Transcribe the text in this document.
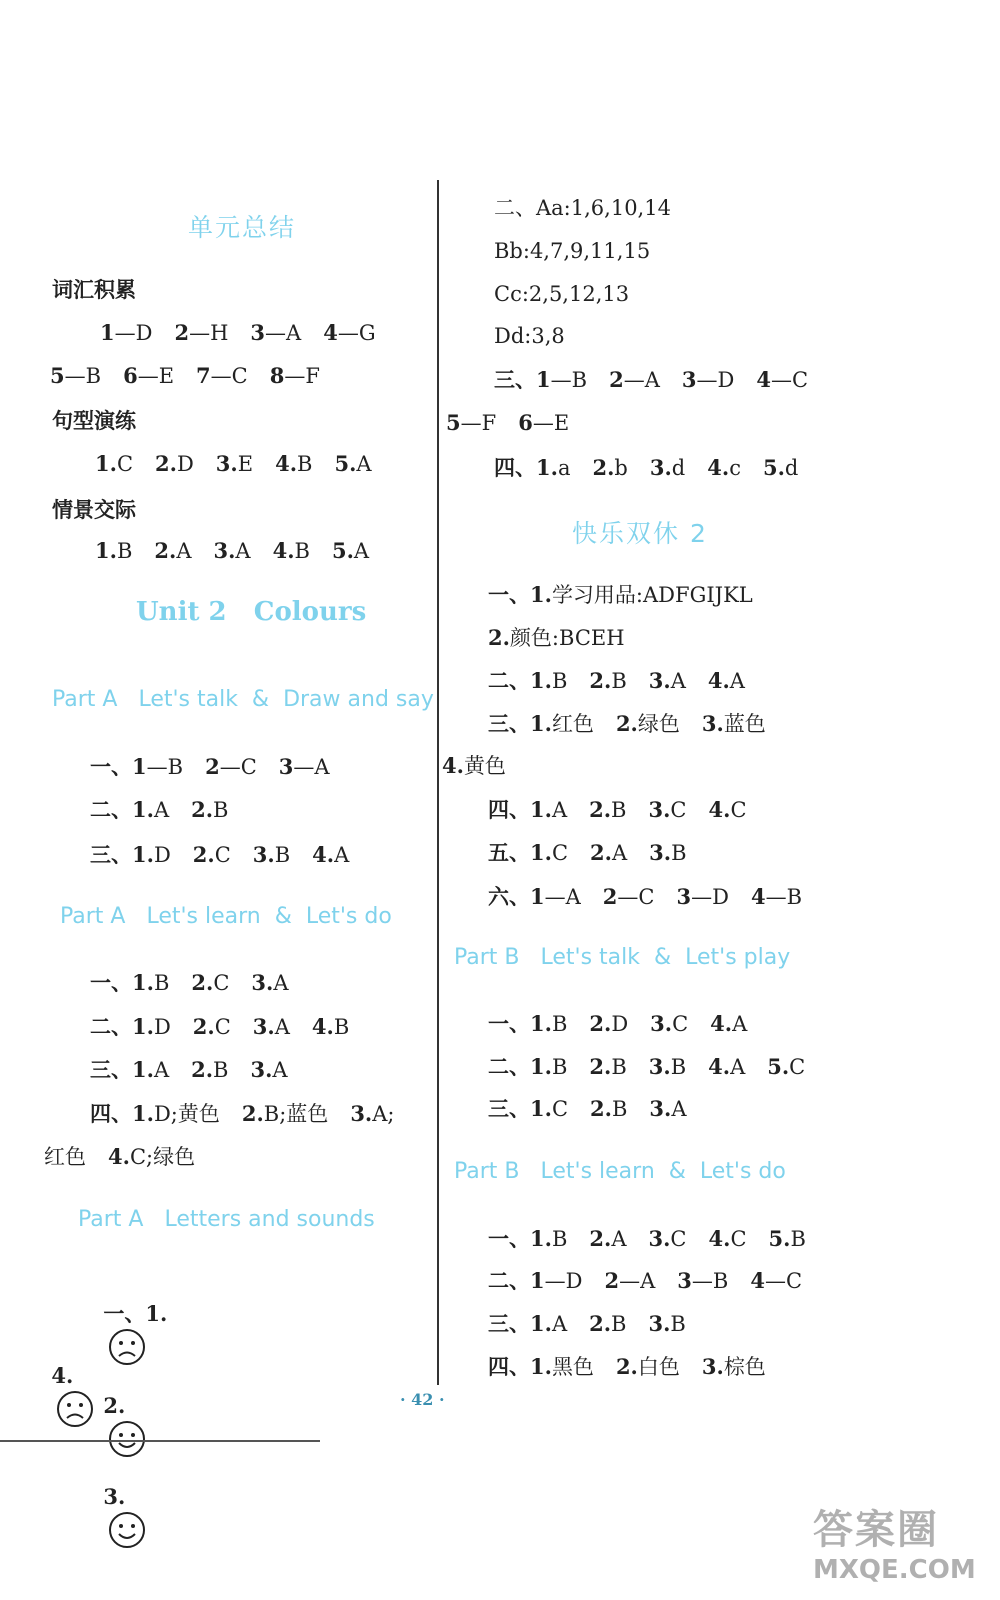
单元总结
词汇积累
1—D 2—H 3—A 4—G
5—B 6—E 7—C 8—F
句型演练
1.C 2.D 3.E 4.B 5.A
情景交际
1.B 2.A 3.A 4.B 5.A
Unit 2   Colours
Part A   Let's talk  &  Draw and say
一、1—B 2—C 3—A
二、1.A 2.B
三、1.D 2.C 3.B 4.A
Part A   Let's learn  &  Let's do
一、1.B 2.C 3.A
二、1.D 2.C 3.A 4.B
三、1.A 2.B 3.A
四、1.D;黄色 2.B;蓝色 3.A;
红色 4.C;绿色
Part A   Letters and sounds

一、1.

2.

3.

4.

二、Aa:1,6,10,14
Bb:4,7,9,11,15
Cc:2,5,12,13
Dd:3,8
三、1—B 2—A 3—D 4—C
5—F 6—E
四、1.a 2.b 3.d 4.c 5.d
快乐双休 2
一、1.学习用品:ADFGIJKL
2.颜色:BCEH
二、1.B 2.B 3.A 4.A
三、1.红色 2.绿色 3.蓝色
4.黄色
四、1.A 2.B 3.C 4.C
五、1.C 2.A 3.B
六、1—A 2—C 3—D 4—B
Part B   Let's talk  &  Let's play
一、1.B 2.D 3.C 4.A
二、1.B 2.B 3.B 4.A 5.C
三、1.C 2.B 3.A
Part B   Let's learn  &  Let's do
一、1.B 2.A 3.C 4.C 5.B
二、1—D 2—A 3—B 4—C
三、1.A 2.B 3.B
四、1.黑色 2.白色 3.棕色
· 42 ·
答案圈
MXQE.COM
